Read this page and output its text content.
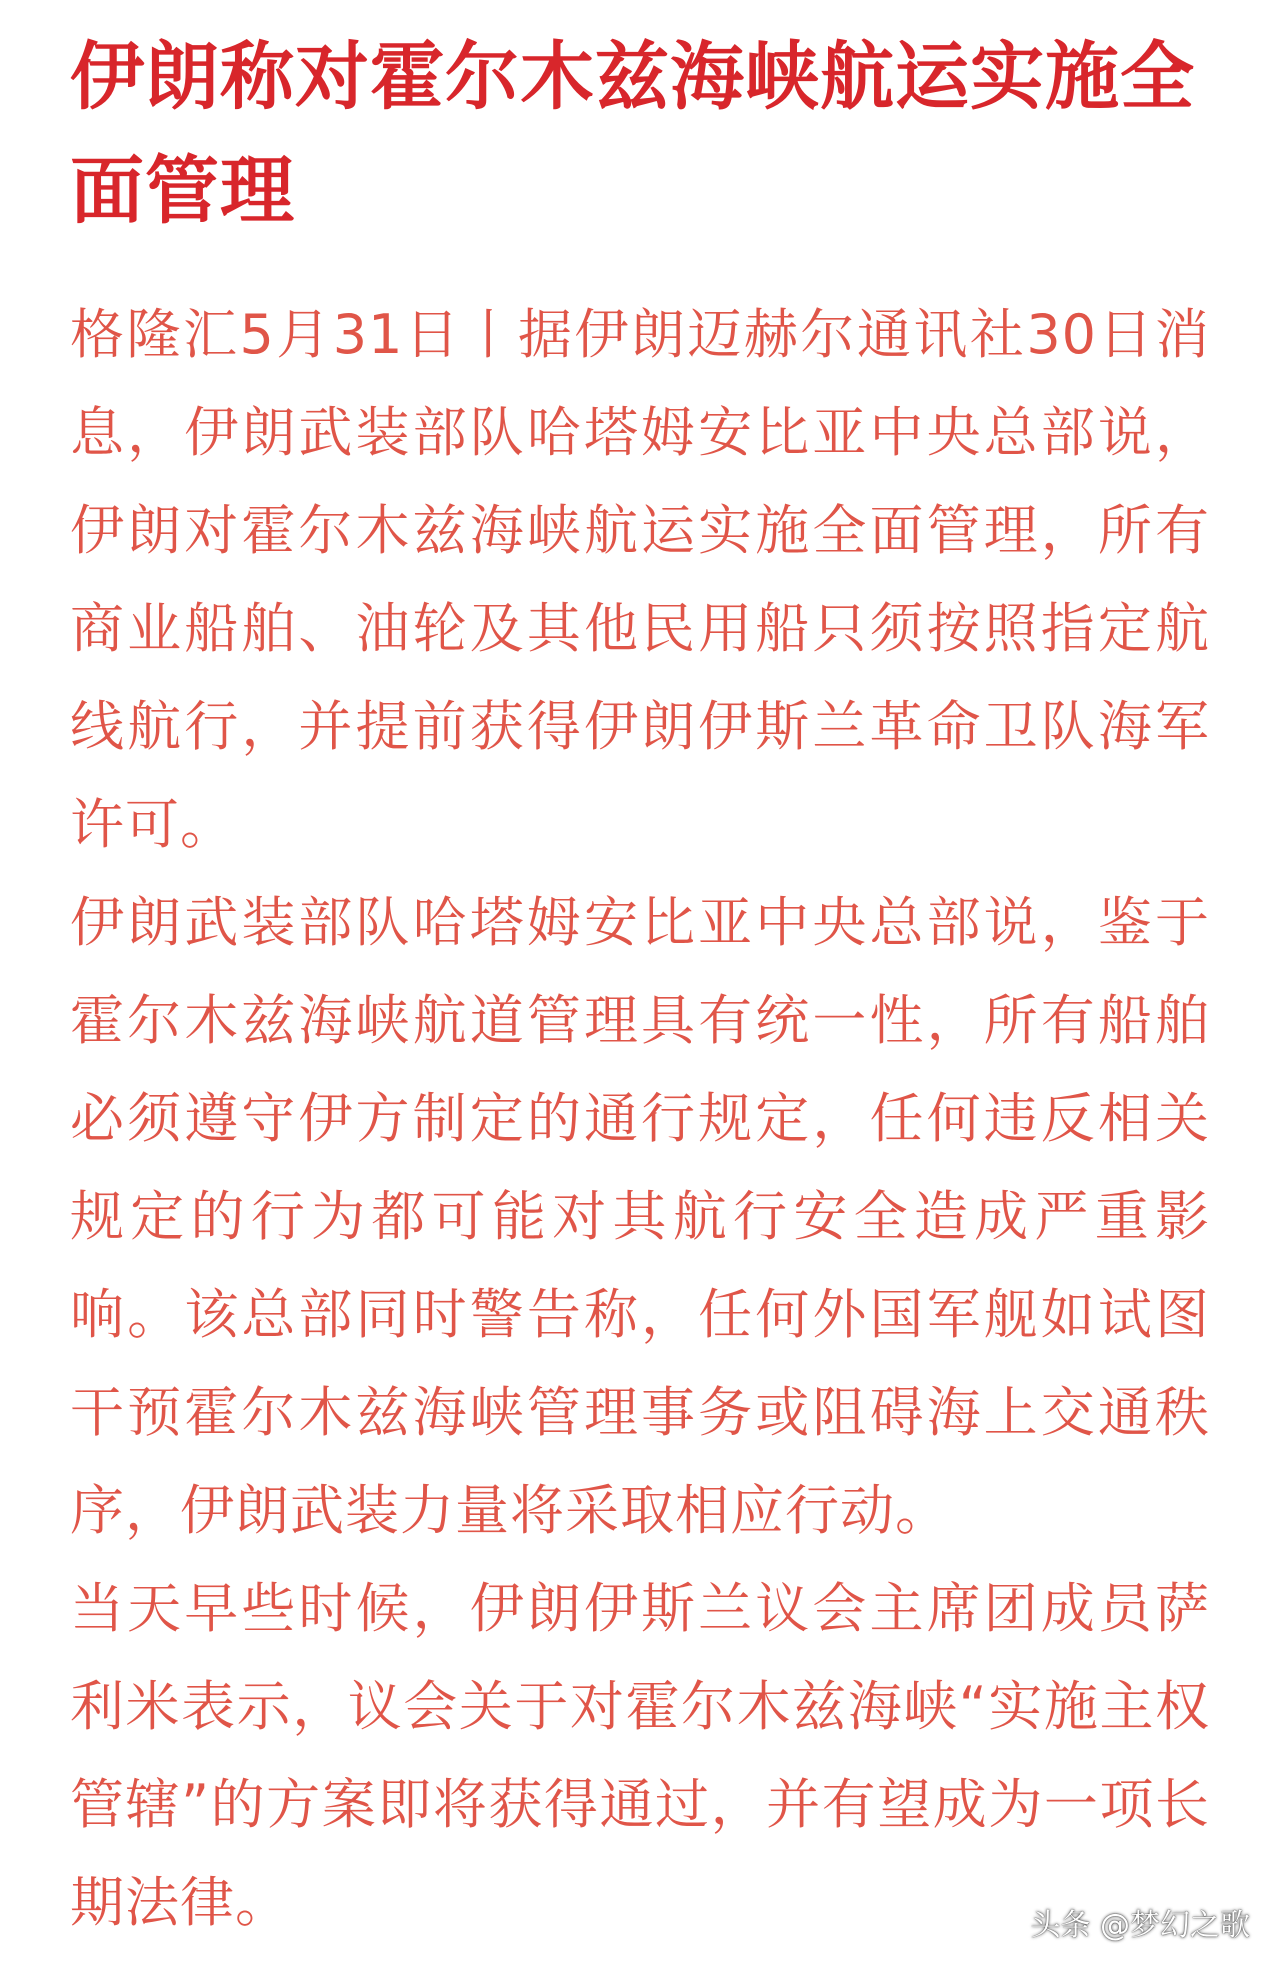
伊朗称对霍尔木兹海峡航运实施全面管理

格隆汇5月31日丨据伊朗迈赫尔通讯社30日消息，伊朗武装部队哈塔姆安比亚中央总部说，伊朗对霍尔木兹海峡航运实施全面管理，所有商业船舶、油轮及其他民用船只须按照指定航线航行，并提前获得伊朗伊斯兰革命卫队海军许可。

伊朗武装部队哈塔姆安比亚中央总部说，鉴于霍尔木兹海峡航道管理具有统一性，所有船舶必须遵守伊方制定的通行规定，任何违反相关规定的行为都可能对其航行安全造成严重影响。该总部同时警告称，任何外国军舰如试图干预霍尔木兹海峡管理事务或阻碍海上交通秩序，伊朗武装力量将采取相应行动。

当天早些时候，伊朗伊斯兰议会主席团成员萨利米表示，议会关于对霍尔木兹海峡“实施主权管辖”的方案即将获得通过，并有望成为一项长期法律。	头条 @梦幻之歌
